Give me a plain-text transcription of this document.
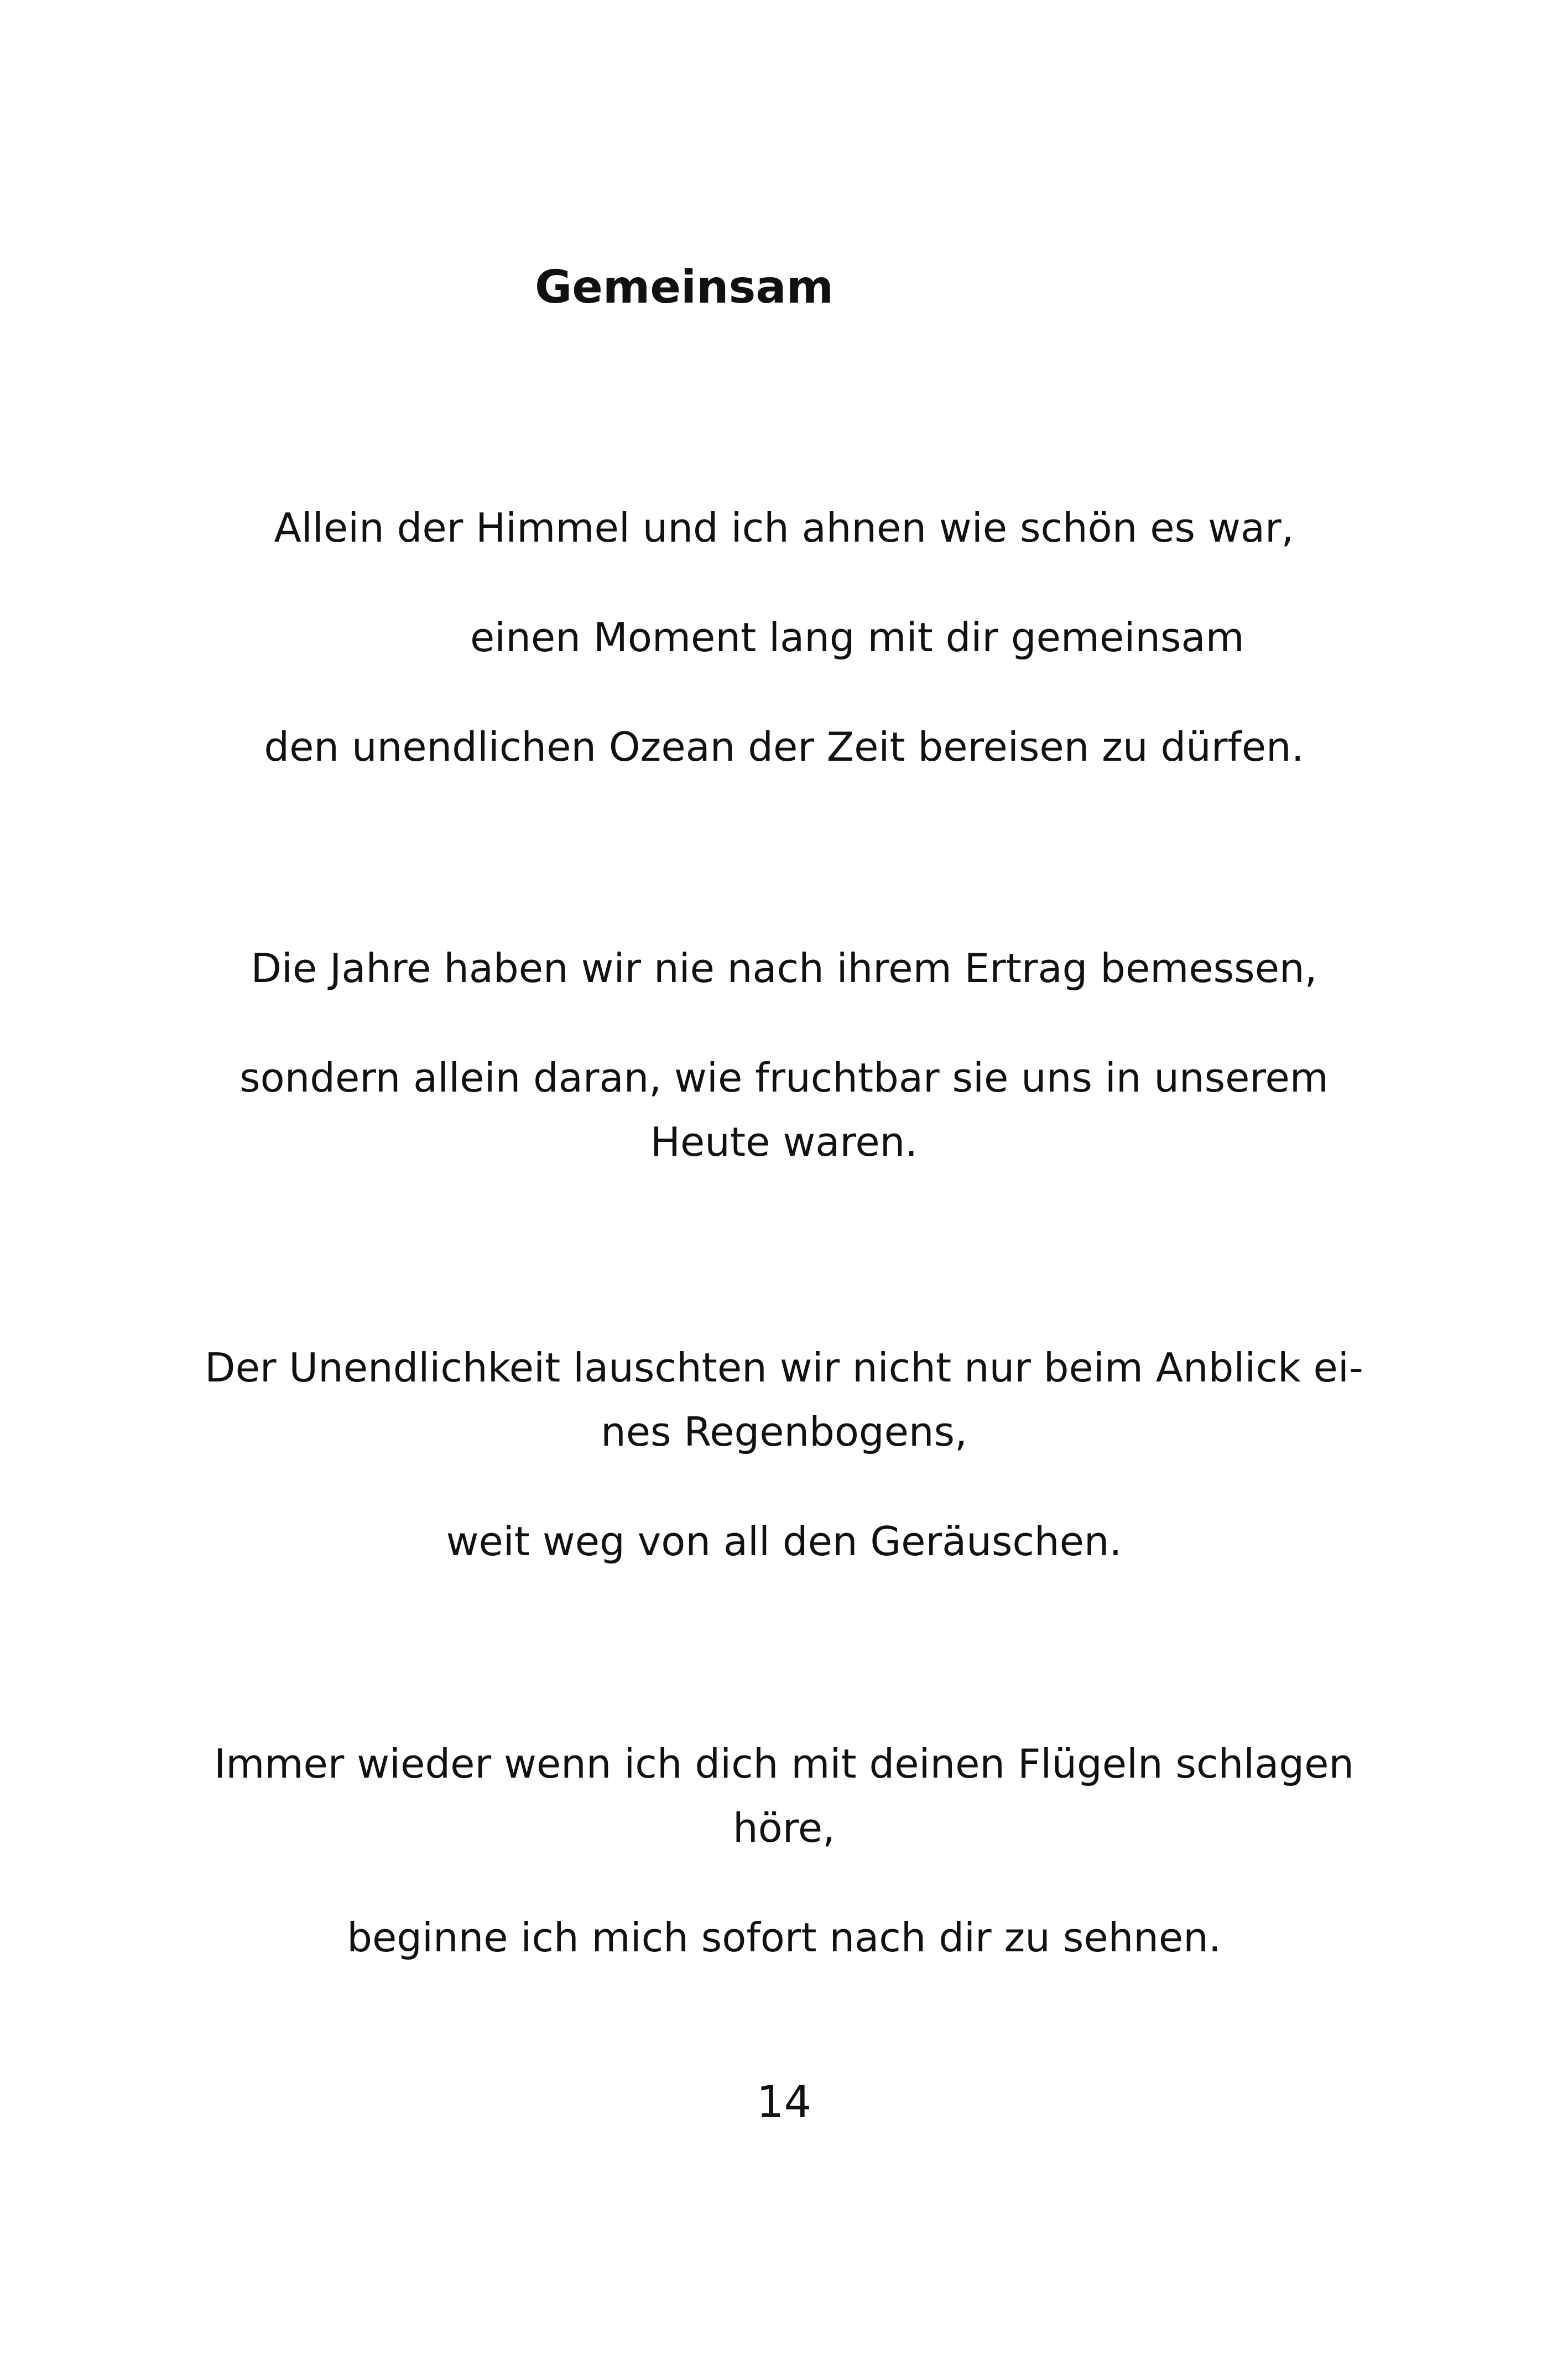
Gemeinsam
Allein der Himmel und ich ahnen wie schön es war,
einen Moment lang mit dir gemeinsam
den unendlichen Ozean der Zeit bereisen zu dürfen.
Die Jahre haben wir nie nach ihrem Ertrag bemessen,
sondern allein daran, wie fruchtbar sie uns in unserem
Heute waren.
Der Unendlichkeit lauschten wir nicht nur beim Anblick ei-
nes Regenbogens,
weit weg von all den Geräuschen.
Immer wieder wenn ich dich mit deinen Flügeln schlagen
höre,
beginne ich mich sofort nach dir zu sehnen.
14
